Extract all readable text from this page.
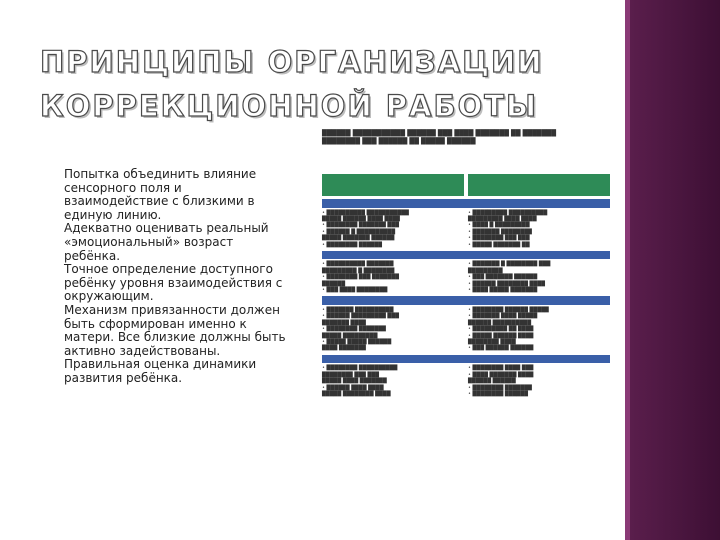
ПРИНЦИПЫ ОРГАНИЗАЦИИ
КОРРЕКЦИОННОЙ РАБОТЫ
Попытка объединить влияние
сенсорного поля и
взаимодействие с близкими в
единую линию.
Адекватно оценивать реальный
«эмоциональный» возраст
ребёнка.
Точное определение доступного
ребёнку уровня взаимодействия с
окружающим.
Механизм привязанности должен
быть сформирован именно к
матери. Все близкие должны быть
активно задействованы.
Правильная оценка динамики
развития ребёнка.
██████ ███████████ ██████ ███ ████ ███████ ██ ███████
████████ ███ ██████ ██ █████ ██████

• ██████████ ███████████

█████ ██████ ████ ████

• ████████ ███████ ███

• ██████ █ ██████████

█████ ███████ ██████

• ████████ ██████

• █████████ ██████████

█████████ ████ ████

• ████ █ █████████

• ███████ ████████

• ████████ ███ ███

• █████ ███████ ██

• ██████████ ███████

█████████ █ ████████

• ████████ ███ ███████

██████

• ███ ████ ████████

• ███████ █ ████████ ███

█████████

• ███ ███████ ██████

• ██████ ████████ ████

• ████ █████ ███████

• ███████ ██████████

• ██████ █████████ ███

███████ ████

• ████████ ███████

█████ █████████

• █████ █████ ██████

████ ███████

• ████████ ██████ █████

• ███████ ████ █████

██████ ██████████

• █████████ ██ ████

• █████ ██████ ████

████████ ████

• ███ ██████ ██████

• ████████ ██████████

████████ ███ ███

█████ ████ ███████

• ██████ ████ ████

█████ ████████ ████

• ████████ ████ ███

• ████ ███████ ████

██████ ██████

• ████████ ███████

• ████████ ██████
